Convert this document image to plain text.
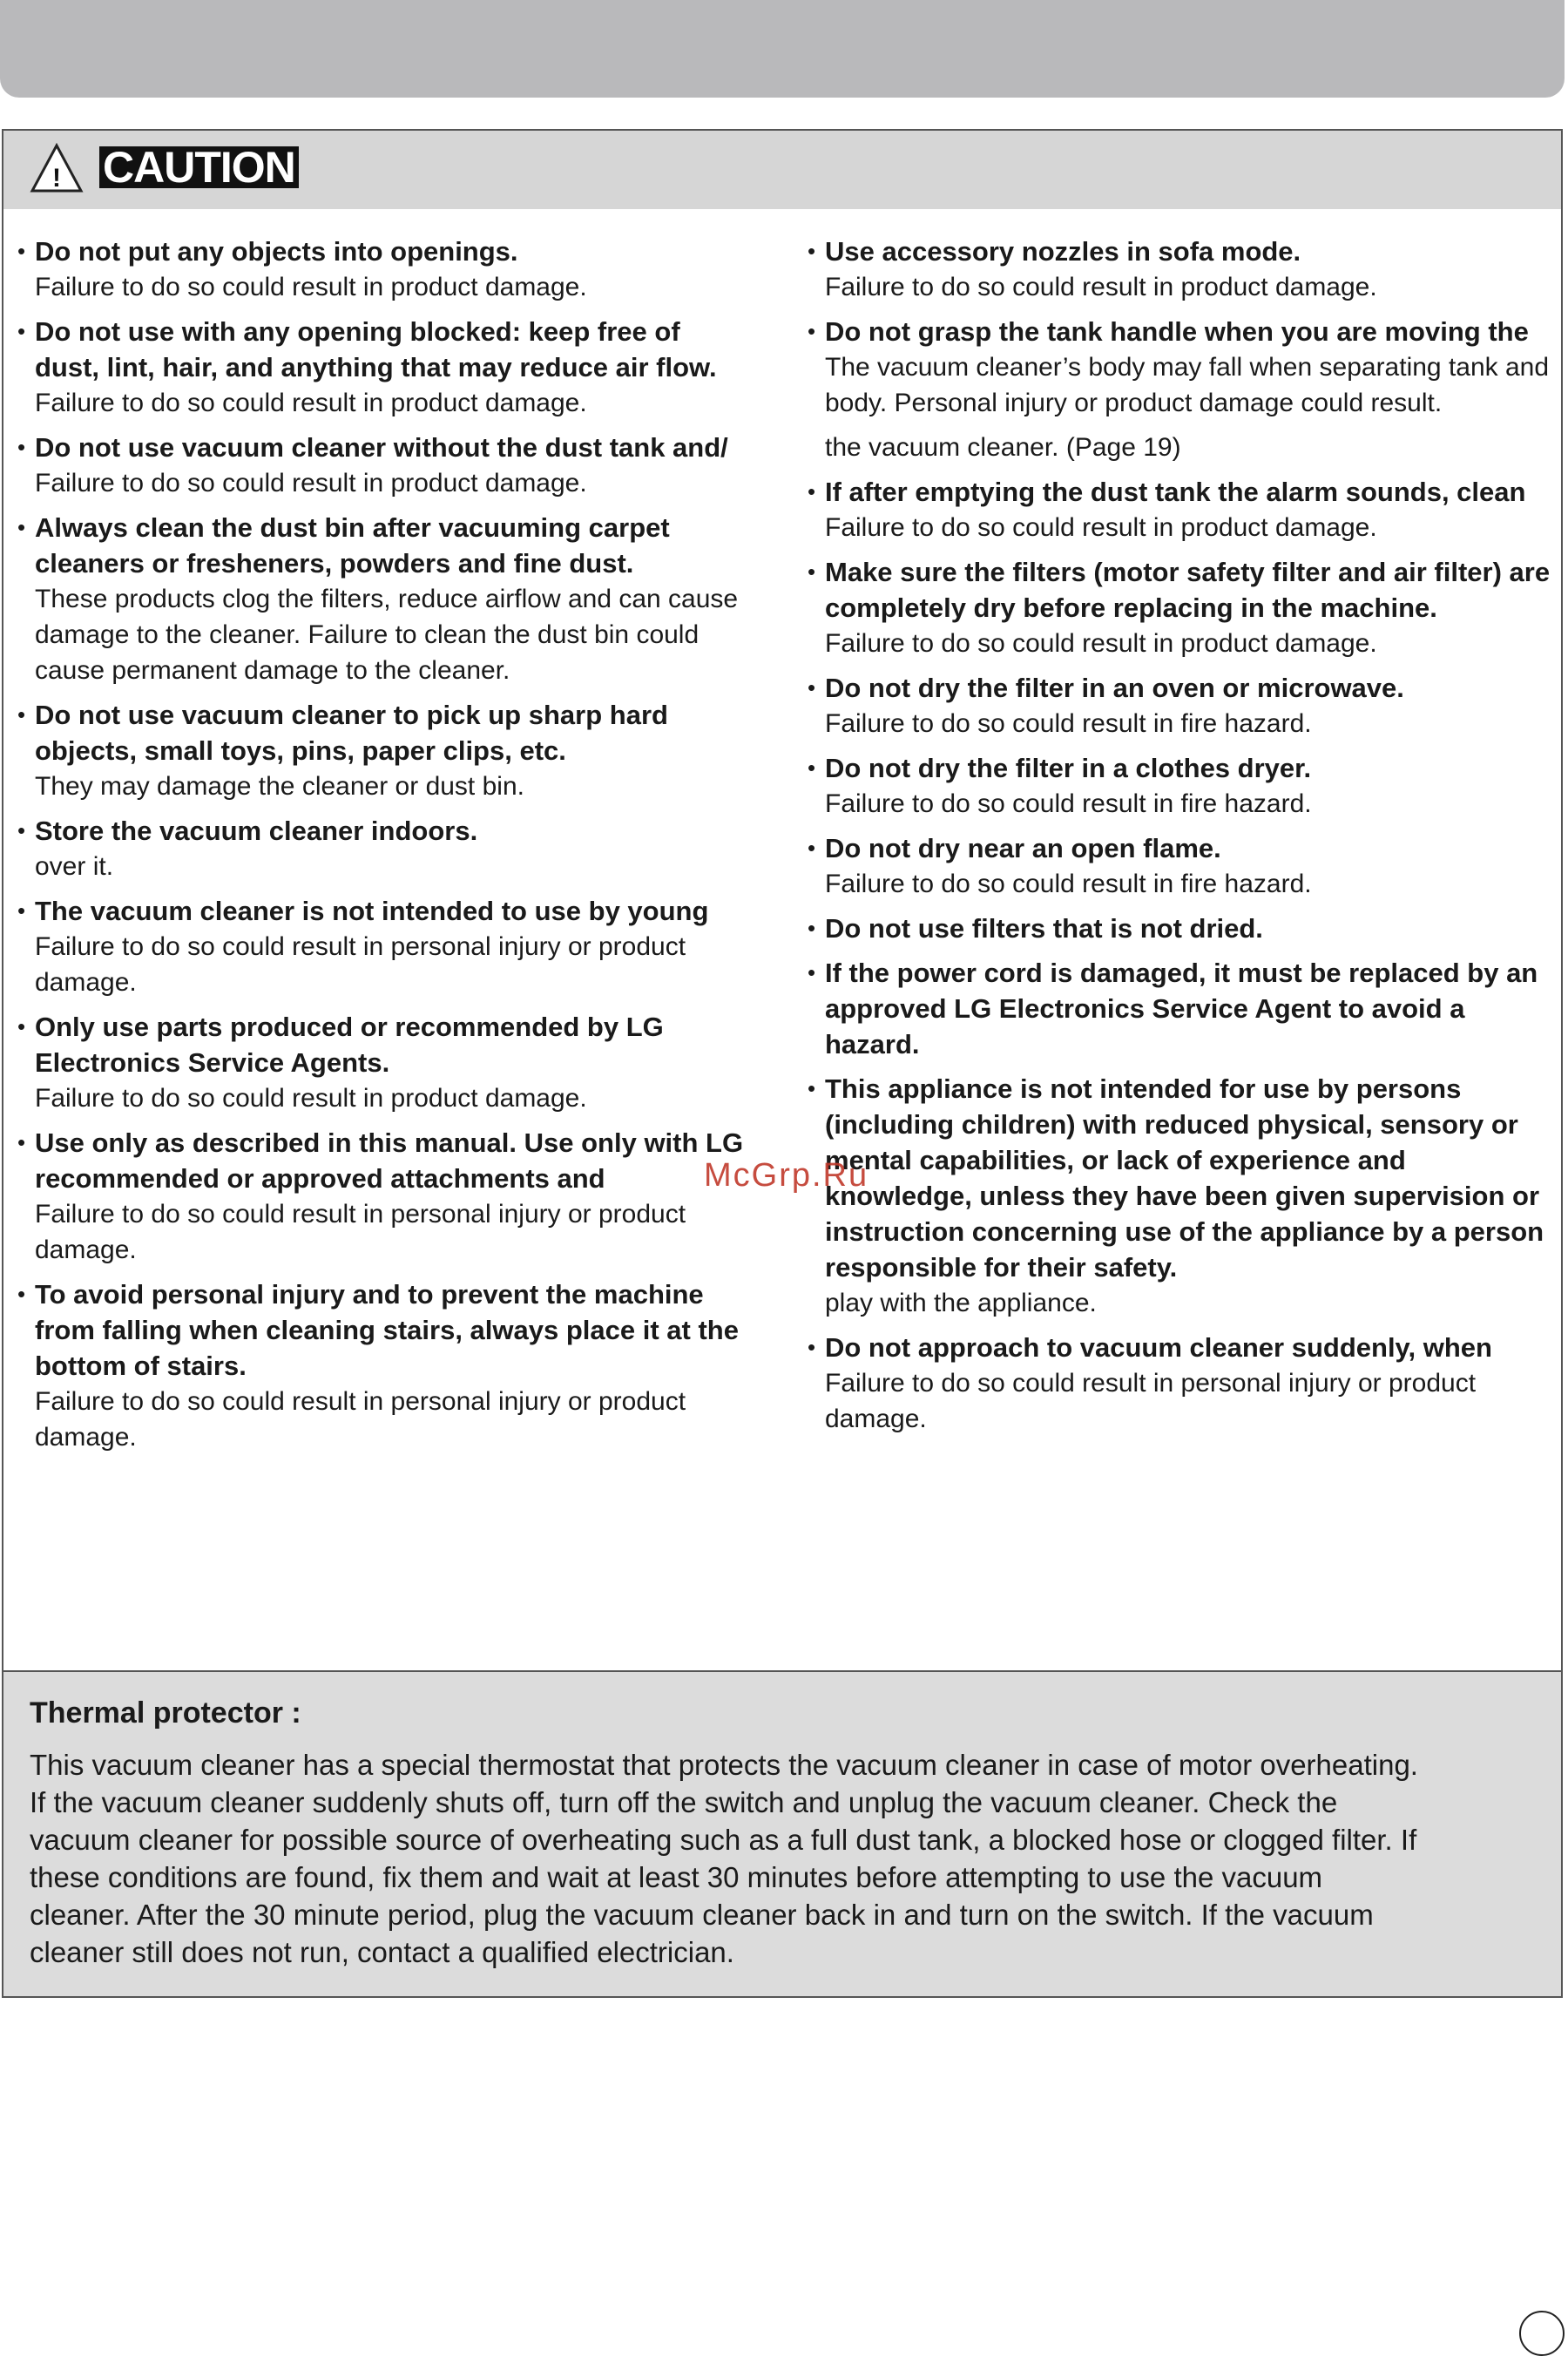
! CAUTION
• Do not put any objects into openings.
Failure to do so could result in product damage.
• Do not use with any opening blocked: keep free of dust, lint, hair, and anything that may reduce air flow.
Failure to do so could result in product damage.
• Do not use vacuum cleaner without the dust tank and/
Failure to do so could result in product damage.
• Always clean the dust bin after vacuuming carpet cleaners or fresheners, powders and fine dust.
These products clog the filters, reduce airflow and can cause damage to the cleaner. Failure to clean the dust bin could cause permanent damage to the cleaner.
• Do not use vacuum cleaner to pick up sharp hard objects, small toys, pins, paper clips, etc.
They may damage the cleaner or dust bin.
• Store the vacuum cleaner indoors.
over it.
• The vacuum cleaner is not intended to use by young
Failure to do so could result in personal injury or product damage.
• Only use parts produced or recommended by LG Electronics Service Agents.
Failure to do so could result in product damage.
• Use only as described in this manual. Use only with LG recommended or approved attachments and
Failure to do so could result in personal injury or product damage.
• To avoid personal injury and to prevent the machine from falling when cleaning stairs, always place it at the bottom of stairs.
Failure to do so could result in personal injury or product damage.
• Use accessory nozzles in sofa mode.
Failure to do so could result in product damage.
• Do not grasp the tank handle when you are moving the
The vacuum cleaner’s body may fall when separating tank and body. Personal injury or product damage could result.
the vacuum cleaner. (Page 19)
• If after emptying the dust tank the alarm sounds, clean
Failure to do so could result in product damage.
• Make sure the filters (motor safety filter and air filter) are completely dry before replacing in the machine.
Failure to do so could result in product damage.
• Do not dry the filter in an oven or microwave.
Failure to do so could result in fire hazard.
• Do not dry the filter in a clothes dryer.
Failure to do so could result in fire hazard.
• Do not dry near an open flame.
Failure to do so could result in fire hazard.
• Do not use filters that is not dried.
• If the power cord is damaged, it must be replaced by an approved LG Electronics Service Agent to avoid a hazard.
• This appliance is not intended for use by persons (including children) with reduced physical, sensory or mental capabilities, or lack of experience and knowledge, unless they have been given supervision or instruction concerning use of the appliance by a person responsible for their safety.
play with the appliance.
• Do not approach to vacuum cleaner suddenly, when
Failure to do so could result in personal injury or product damage.
Thermal protector :
This vacuum cleaner has a special thermostat that protects the vacuum cleaner in case of motor overheating. If the vacuum cleaner suddenly shuts off, turn off the switch and unplug the vacuum cleaner. Check the vacuum cleaner for possible source of overheating such as a full dust tank, a blocked hose or clogged filter. If these conditions are found, fix them and wait at least 30 minutes before attempting to use the vacuum cleaner. After the 30 minute period, plug the vacuum cleaner back in and turn on the switch. If the vacuum cleaner still does not run, contact a qualified electrician.
McGrp.Ru
